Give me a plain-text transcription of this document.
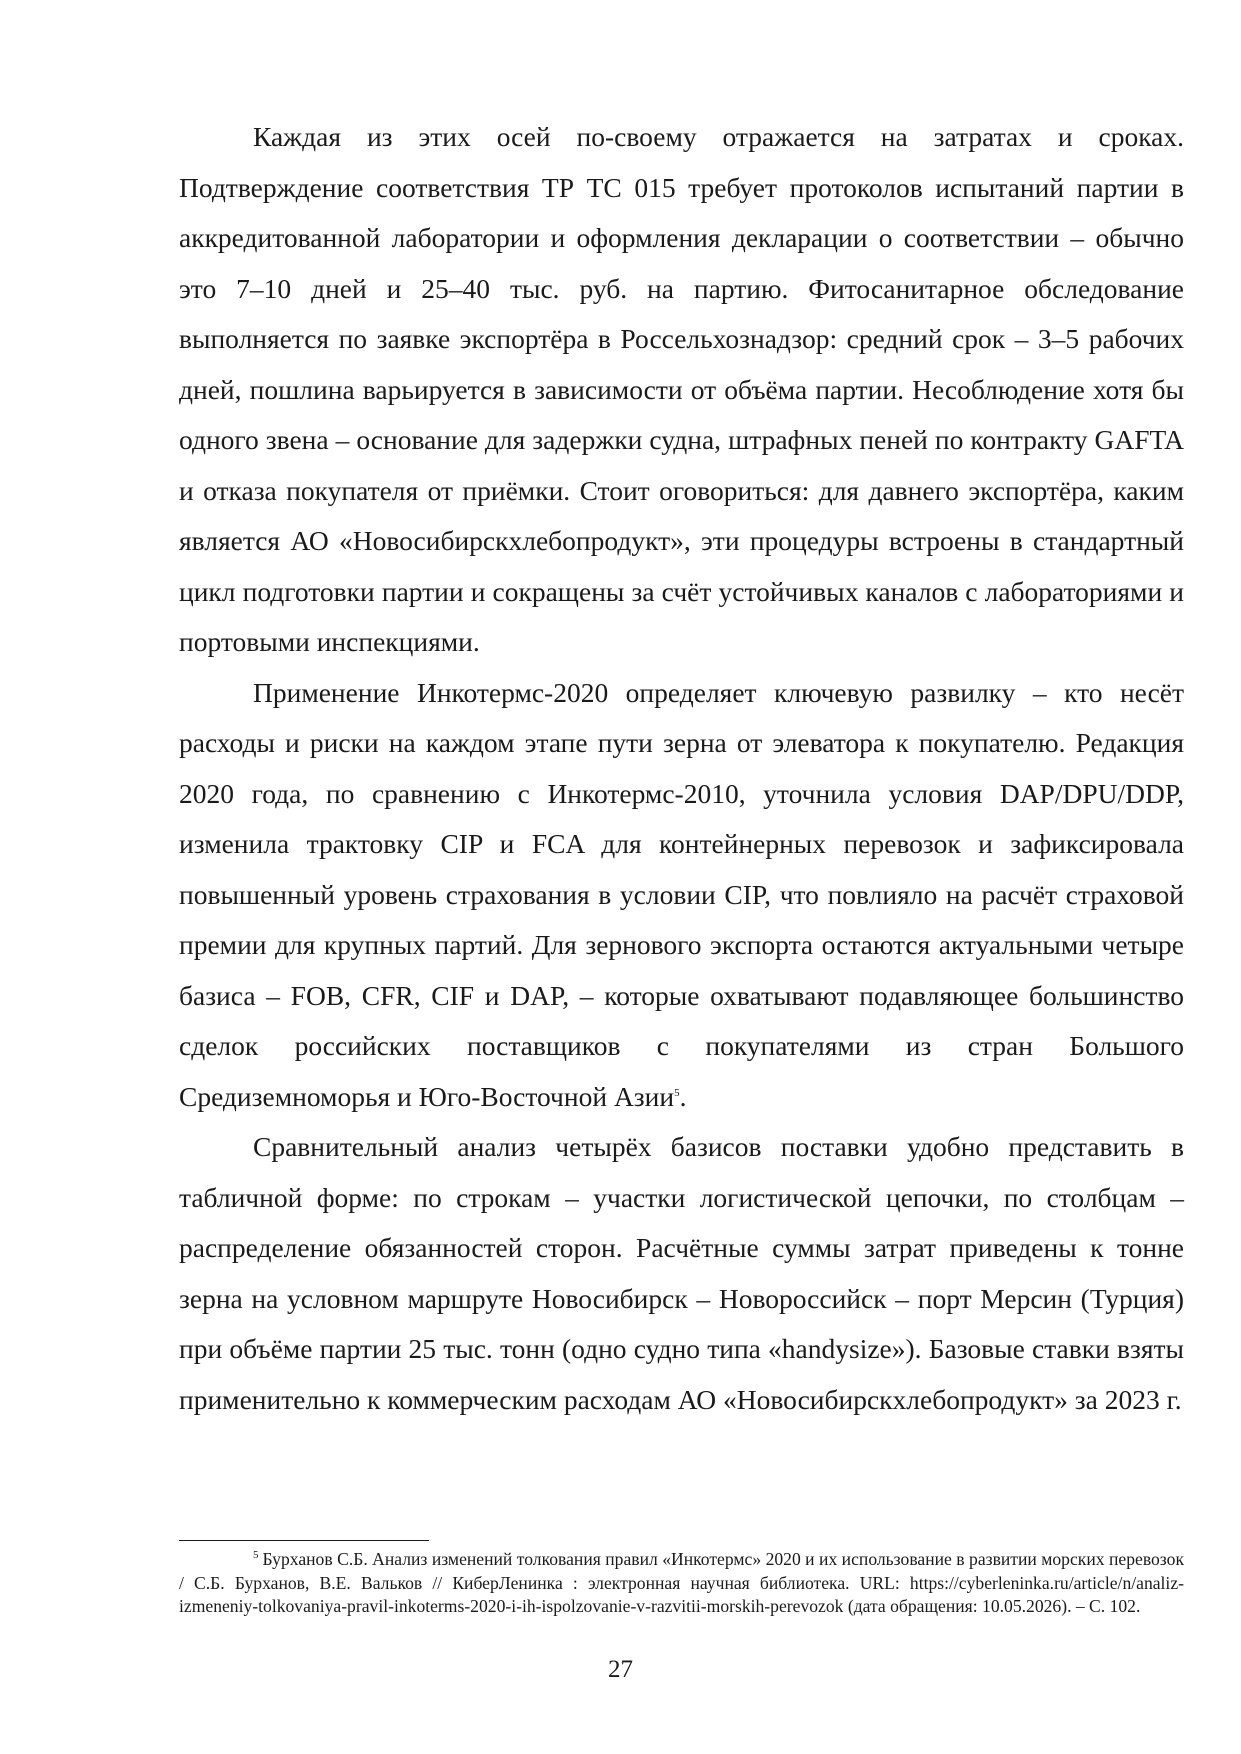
Каждая из этих осей по-своему отражается на затратах и сроках. Подтверждение соответствия ТР ТС 015 требует протоколов испытаний партии в аккредитованной лаборатории и оформления декларации о соответствии – обычно это 7–10 дней и 25–40 тыс. руб. на партию. Фитосанитарное обследование выполняется по заявке экспортёра в Россельхознадзор: средний срок – 3–5 рабочих дней, пошлина варьируется в зависимости от объёма партии. Несоблюдение хотя бы одного звена – основание для задержки судна, штрафных пеней по контракту GAFTA и отказа покупателя от приёмки. Стоит оговориться: для давнего экспортёра, каким является АО «Новосибирскхлебопродукт», эти процедуры встроены в стандартный цикл подготовки партии и сокращены за счёт устойчивых каналов с лабораториями и портовыми инспекциями.

Применение Инкотермс-2020 определяет ключевую развилку – кто несёт расходы и риски на каждом этапе пути зерна от элеватора к покупателю. Редакция 2020 года, по сравнению с Инкотермс-2010, уточнила условия DAP/DPU/DDP, изменила трактовку CIP и FCA для контейнерных перевозок и зафиксировала повышенный уровень страхования в условии CIP, что повлияло на расчёт страховой премии для крупных партий. Для зернового экспорта остаются актуальными четыре базиса – FOB, CFR, CIF и DAP, – которые охватывают подавляющее большинство сделок российских поставщиков с покупателями из стран Большого Средиземноморья и Юго-Восточной Азии$^5$.

Сравнительный анализ четырёх базисов поставки удобно представить в табличной форме: по строкам – участки логистической цепочки, по столбцам – распределение обязанностей сторон. Расчётные суммы затрат приведены к тонне зерна на условном маршруте Новосибирск – Новороссийск – порт Мерсин (Турция) при объёме партии 25 тыс. тонн (одно судно типа «handysize»). Базовые ставки взяты применительно к коммерческим расходам АО «Новосибирскхлебопродукт» за 2023 г.

$^5$ Бурханов С.Б. Анализ изменений толкования правил «Инкотермс» 2020 и их использование в развитии морских перевозок / С.Б. Бурханов, В.Е. Вальков // КиберЛенинка : электронная научная библиотека. URL: https://cyberleninka.ru/article/n/analiz-izmeneniy-tolkovaniya-pravil-inkoterms-2020-i-ih-ispolzovanie-v-razvitii-morskih-perevozok (дата обращения: 10.05.2026). – С. 102.
27
